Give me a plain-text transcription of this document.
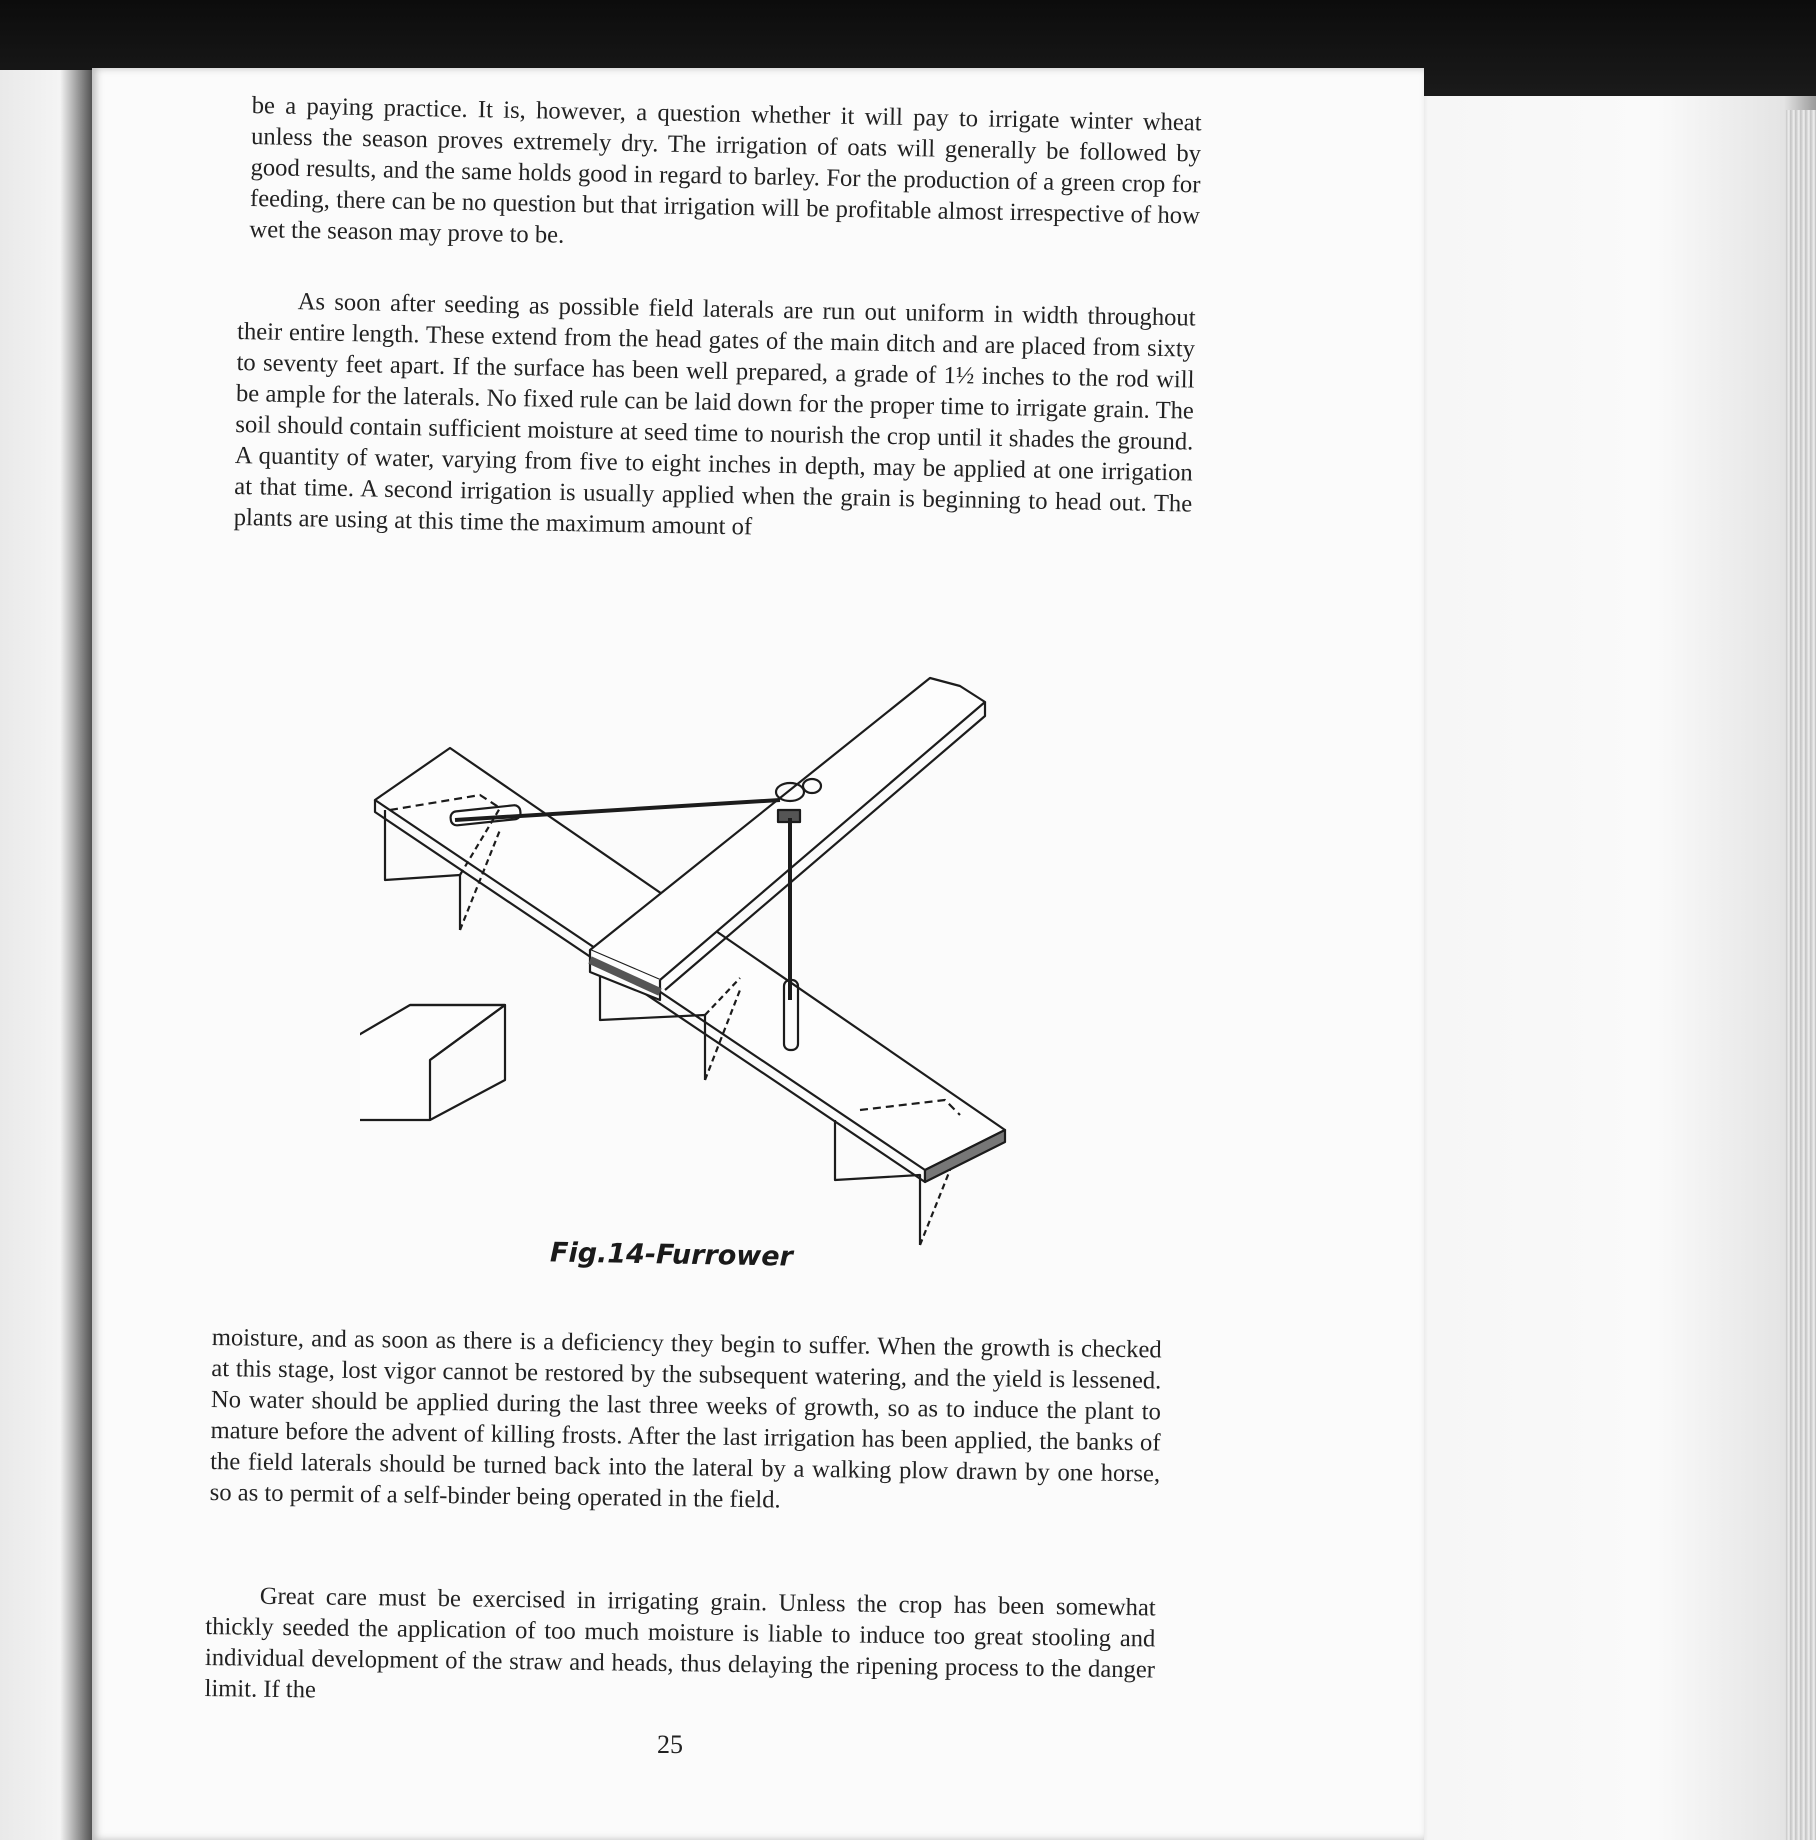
be a paying practice. It is, however, a question whether it will pay to irrigate winter wheat unless the season proves extremely dry. The irrigation of oats will generally be followed by good results, and the same holds good in regard to barley. For the production of a green crop for feeding, there can be no question but that irrigation will be profitable almost irrespective of how wet the season may prove to be.

As soon after seeding as possible field laterals are run out uniform in width throughout their entire length. These extend from the head gates of the main ditch and are placed from sixty to seventy feet apart. If the surface has been well prepared, a grade of 1½ inches to the rod will be ample for the laterals. No fixed rule can be laid down for the proper time to irrigate grain. The soil should contain sufficient moisture at seed time to nourish the crop until it shades the ground. A quantity of water, varying from five to eight inches in depth, may be applied at one irrigation at that time. A second irrigation is usually applied when the grain is beginning to head out. The plants are using at this time the maximum amount of

Fig.14-Furrower

moisture, and as soon as there is a deficiency they begin to suffer. When the growth is checked at this stage, lost vigor cannot be restored by the subsequent watering, and the yield is lessened. No water should be applied during the last three weeks of growth, so as to induce the plant to mature before the advent of killing frosts. After the last irrigation has been applied, the banks of the field laterals should be turned back into the lateral by a walking plow drawn by one horse, so as to permit of a self-binder being operated in the field.

Great care must be exercised in irrigating grain. Unless the crop has been somewhat thickly seeded the application of too much moisture is liable to induce too great stooling and individual development of the straw and heads, thus delaying the ripening process to the danger limit. If the

25
